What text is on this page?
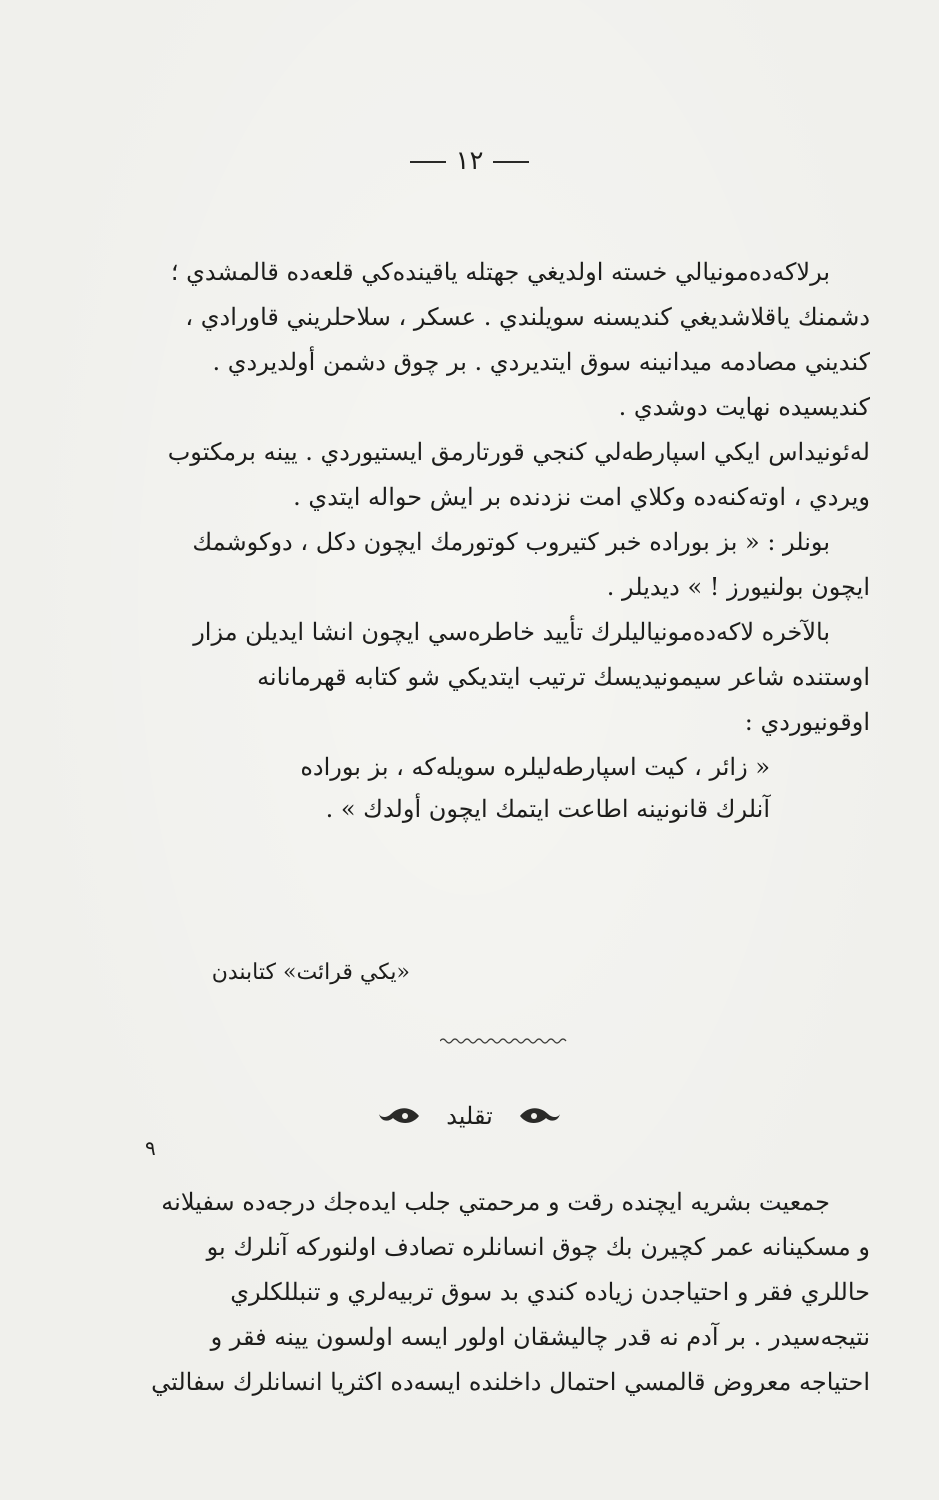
١٢
برلاكەدەمونيالي خستە اولديغي جهتلە ياقيندەكي قلعەدە قالمشدي ؛
دشمنك ياقلاشديغي كنديسنە سويلندي . عسكر ، سلاحلريني قاورادي ،
كنديني مصادمە ميدانينە سوق ايتديردي . بر چوق دشمن أولديردي .
كنديسيدە نهايت دوشدي .
لەئونيداس ايكي اسپارطەلي كنجي قورتارمق ايستيوردي . يينە برمكتوب
ويردي ، اوتەكنەدە وكلاي امت نزدندە بر ايش حوالە ايتدي .
بونلر : « بز بورادە خبر كتيروب كوتورمك ايچون دكل ، دوكوشمك
ايچون بولنيورز ! » ديديلر .
بالآخرە لاكەدەمونياليلرك تأييد خاطرەسي ايچون انشا ايديلن مزار
اوستندە شاعر سيمونيديسك ترتيب ايتديكي شو كتابە قهرمانانە
اوقونيوردي :
« زائر ، كيت اسپارطەليلرە سويلەكە ، بز بورادە
آنلرك قانونينە اطاعت ايتمك ايچون أولدك » .
«يكي قرائت» كتابندن
تقليد
٩
جمعيت بشريە ايچندە رقت و مرحمتي جلب ايدەجك درجەدە سفيلانە
و مسكينانە عمر كچيرن بك چوق انسانلرە تصادف اولنوركە آنلرك بو
حاللري فقر و احتياجدن زيادە كندي بد سوق تربيەلري و تنبللكلري
نتيجەسيدر . بر آدم نە قدر چاليشقان اولور ايسە اولسون يينە فقر و
احتياجە معروض قالمسي احتمال داخلندە ايسەدە اكثريا انسانلرك سفالتي
